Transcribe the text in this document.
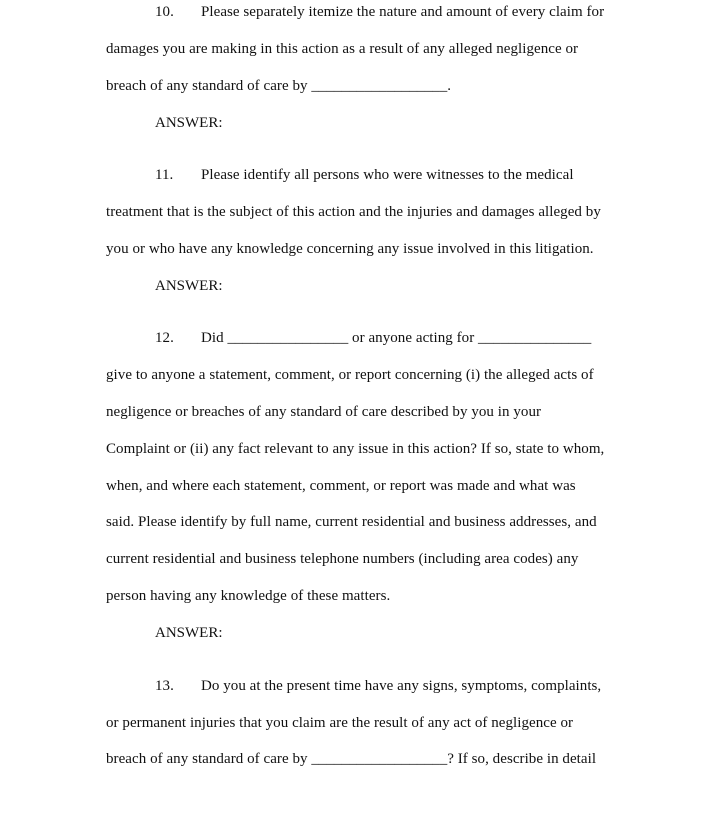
10. Please separately itemize the nature and amount of every claim for
damages you are making in this action as a result of any alleged negligence or
breach of any standard of care by __________________.
ANSWER:
11. Please identify all persons who were witnesses to the medical
treatment that is the subject of this action and the injuries and damages alleged by
you or who have any knowledge concerning any issue involved in this litigation.
ANSWER:
12. Did ________________ or anyone acting for _______________
give to anyone a statement, comment, or report concerning (i) the alleged acts of
negligence or breaches of any standard of care described by you in your
Complaint or (ii) any fact relevant to any issue in this action? If so, state to whom,
when, and where each statement, comment, or report was made and what was
said. Please identify by full name, current residential and business addresses, and
current residential and business telephone numbers (including area codes) any
person having any knowledge of these matters.
ANSWER:
13. Do you at the present time have any signs, symptoms, complaints,
or permanent injuries that you claim are the result of any act of negligence or
breach of any standard of care by __________________? If so, describe in detail
